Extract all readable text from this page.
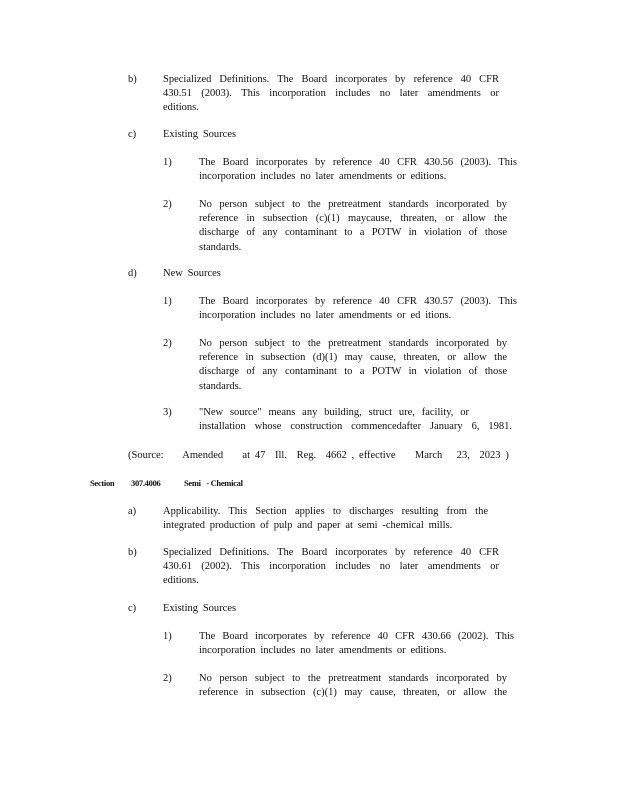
b)	Specialized Definitions. The Board incorporates by reference 40 CFR
430.51 (2003). This incorporation includes no later amendments or
editions.
c)	Existing Sources
1)	The Board incorporates by reference 40 CFR 430.56 (2003). This
incorporation includes no later amendments or editions.
2)	No person subject to the pretreatment standards incorporated by
reference in subsection (c)(1) maycause, threaten, or allow the
discharge of any contaminant to a POTW in violation of those
standards.
d)	New Sources
1)	The Board incorporates by reference 40 CFR 430.57 (2003). This
incorporation includes no later amendments or ed itions.
2)	No person subject to the pretreatment standards incorporated by
reference in subsection (d)(1) may cause, threaten, or allow the
discharge of any contaminant to a POTW in violation of those
standards.
3)	"New source" means any building, struct ure, facility, or
installation whose construction commencedafter January 6, 1981.
(Source:    Amended    at 47  Ill.  Reg.  4662 , effective    March   23,  2023 )
Section 307.4006	Semi   - Chemical
a)	Applicability. This Section applies to discharges resulting from the
integrated production of pulp and paper at semi -chemical mills.
b)	Specialized Definitions. The Board incorporates by reference 40 CFR
430.61 (2002). This incorporation includes no later amendments or
editions.
c)	Existing Sources
1)	The Board incorporates by reference 40 CFR 430.66 (2002). This
incorporation includes no later amendments or editions.
2)	No person subject to the pretreatment standards incorporated by
reference in subsection (c)(1) may cause, threaten, or allow the
